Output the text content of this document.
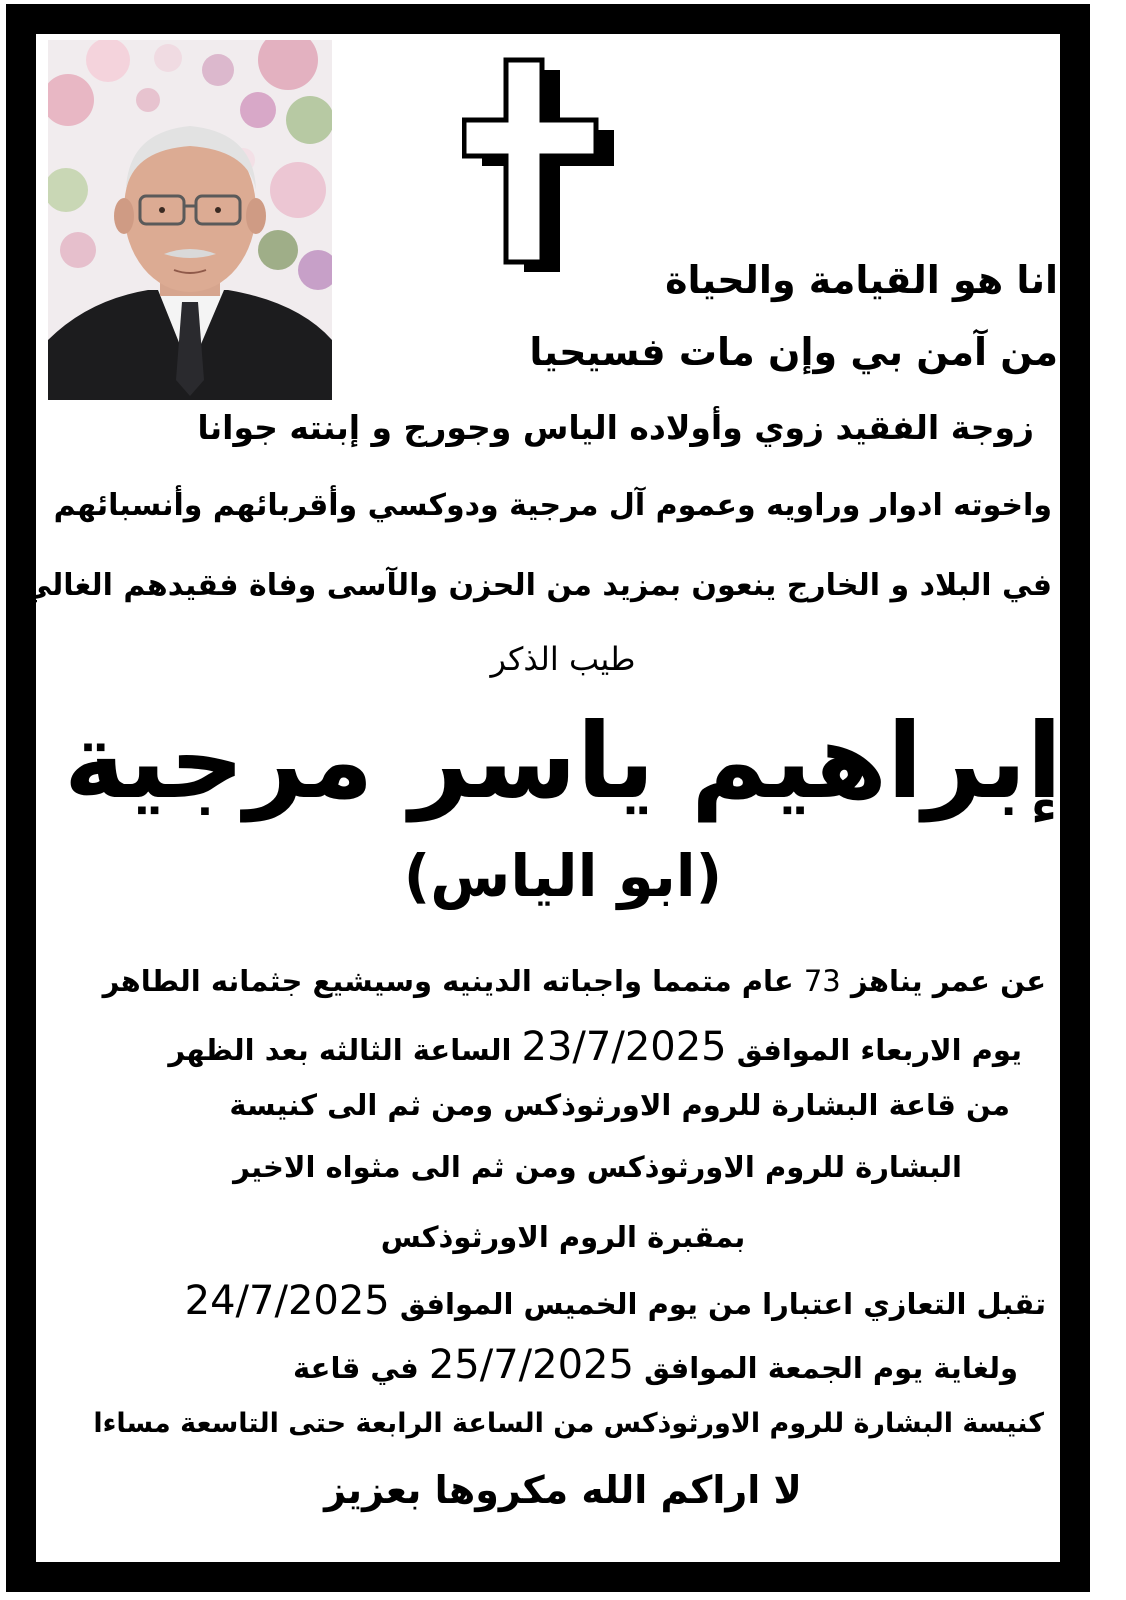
انا هو القيامة والحياة
من آمن بي وإن مات فسيحيا
زوجة الفقيد زوي وأولاده الياس وجورج و إبنته جوانا
واخوته ادوار وراويه وعموم آل مرجية ودوكسي وأقربائهم وأنسبائهم
في البلاد و الخارج ينعون بمزيد من الحزن والآسى وفاة فقيدهم الغالي
طيب الذكر
إبراهيم ياسر مرجية
(ابو الياس)
عن عمر يناهز 73 عام متمما واجباته الدينيه وسيشيع جثمانه الطاهر
يوم الاربعاء الموافق 23/7/2025 الساعة الثالثه بعد الظهر
من قاعة البشارة للروم الاورثوذكس ومن ثم الى كنيسة
البشارة للروم الاورثوذكس ومن ثم الى مثواه الاخير
بمقبرة الروم الاورثوذكس
تقبل التعازي اعتبارا من يوم الخميس الموافق 24/7/2025
ولغاية يوم الجمعة الموافق 25/7/2025 في قاعة
كنيسة البشارة للروم الاورثوذكس من الساعة الرابعة حتى التاسعة مساءا
لا اراكم الله مكروها بعزيز
